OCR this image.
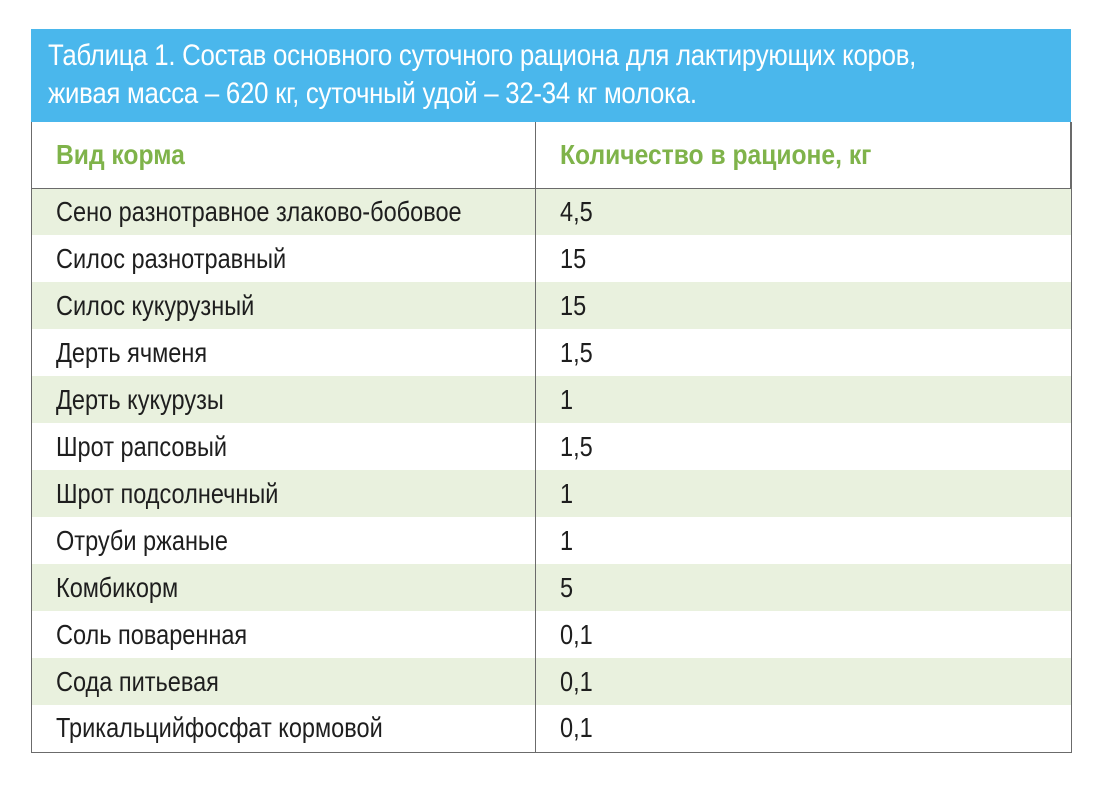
Таблица 1. Состав основного суточного рациона для лактирующих коров,
живая масса – 620 кг, суточный удой – 32-34 кг молока.
Вид корма	Количество в рационе, кг
Сено разнотравное злаково-бобовое	4,5
Силос разнотравный	15
Силос кукурузный	15
Дерть ячменя	1,5
Дерть кукурузы	1
Шрот рапсовый	1,5
Шрот подсолнечный	1
Отруби ржаные	1
Комбикорм	5
Соль поваренная	0,1
Сода питьевая	0,1
Трикальцийфосфат кормовой	0,1
